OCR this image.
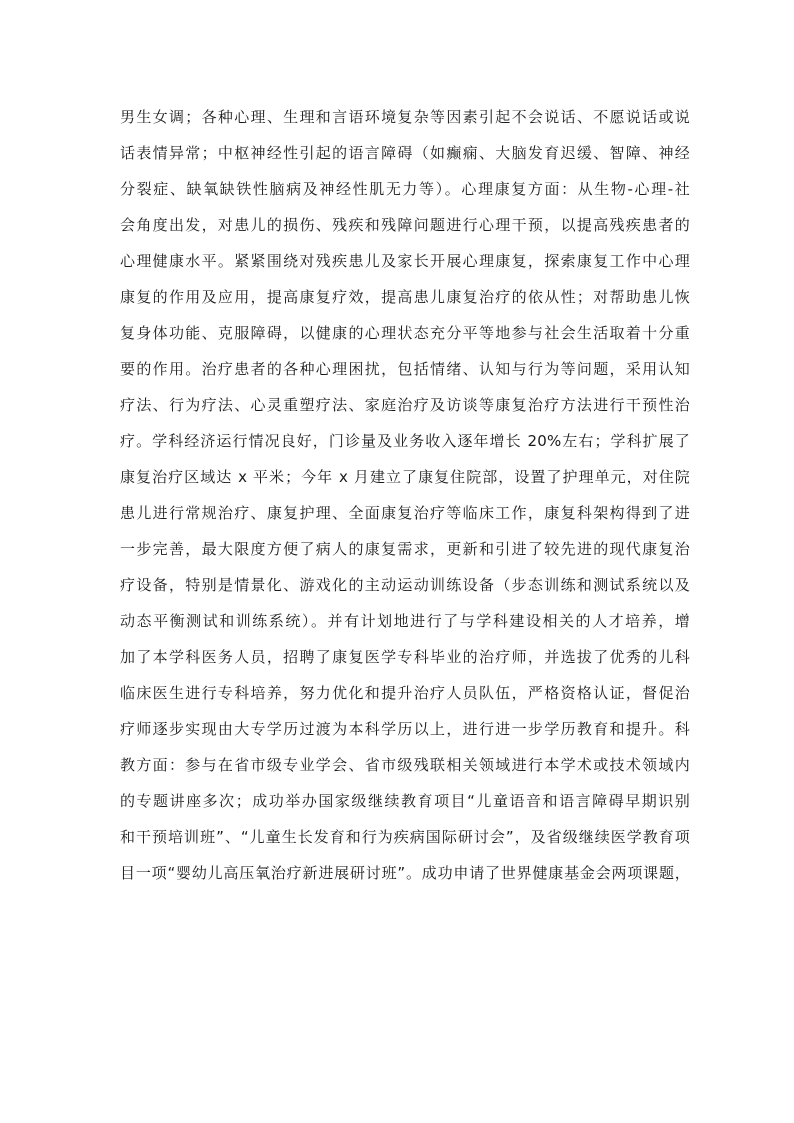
男生女调；各种心理、生理和言语环境复杂等因素引起不会说话、不愿说话或说
话表情异常；中枢神经性引起的语言障碍（如癫痫、大脑发育迟缓、智障、神经
分裂症、缺氧缺铁性脑病及神经性肌无力等）。心理康复方面：从生物-心理-社
会角度出发，对患儿的损伤、残疾和残障问题进行心理干预，以提高残疾患者的
心理健康水平。紧紧围绕对残疾患儿及家长开展心理康复，探索康复工作中心理
康复的作用及应用，提高康复疗效，提高患儿康复治疗的依从性；对帮助患儿恢
复身体功能、克服障碍，以健康的心理状态充分平等地参与社会生活取着十分重
要的作用。治疗患者的各种心理困扰，包括情绪、认知与行为等问题，采用认知
疗法、行为疗法、心灵重塑疗法、家庭治疗及访谈等康复治疗方法进行干预性治
疗。学科经济运行情况良好，门诊量及业务收入逐年增长 20%左右；学科扩展了
康复治疗区域达 x 平米；今年 x 月建立了康复住院部，设置了护理单元，对住院
患儿进行常规治疗、康复护理、全面康复治疗等临床工作，康复科架构得到了进
一步完善，最大限度方便了病人的康复需求，更新和引进了较先进的现代康复治
疗设备，特别是情景化、游戏化的主动运动训练设备（步态训练和测试系统以及
动态平衡测试和训练系统）。并有计划地进行了与学科建设相关的人才培养，增
加了本学科医务人员，招聘了康复医学专科毕业的治疗师，并选拔了优秀的儿科
临床医生进行专科培养，努力优化和提升治疗人员队伍，严格资格认证，督促治
疗师逐步实现由大专学历过渡为本科学历以上，进行进一步学历教育和提升。科
教方面：参与在省市级专业学会、省市级残联相关领域进行本学术或技术领域内
的专题讲座多次；成功举办国家级继续教育项目“儿童语音和语言障碍早期识别
和干预培训班”、“儿童生长发育和行为疾病国际研讨会”，及省级继续医学教育项
目一项“婴幼儿高压氧治疗新进展研讨班”。成功申请了世界健康基金会两项课题，
